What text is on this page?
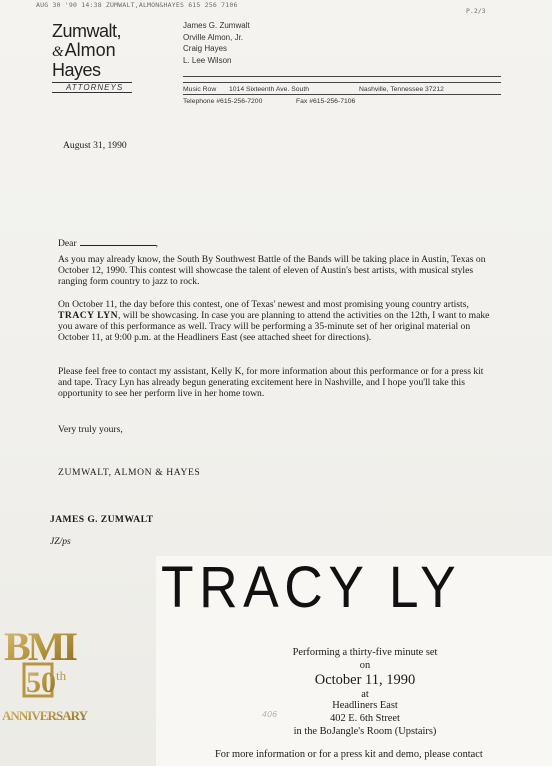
AUG 30 '90 14:38 ZUMWALT,ALMON&HAYES 615 256 7106
P.2/3
Zumwalt,
&Almon
Hayes
ATTORNEYS
James G. Zumwalt
Orville Almon, Jr.
Craig Hayes
L. Lee Wilson
Music Row 1014 Sixteenth Ave. South	Nashville, Tennessee 37212
Telephone #615-256-7200	Fax #615-256-7106
August 31, 1990
Dear	,
As you may already know, the South By Southwest Battle of the Bands will be taking place in Austin, Texas on October 12, 1990. This contest will showcase the talent of eleven of Austin's best artists, with musical styles ranging form country to jazz to rock.
On October 11, the day before this contest, one of Texas' newest and most promising young country artists, TRACY LYN, will be showcasing. In case you are planning to attend the activities on the 12th, I want to make you aware of this performance as well. Tracy will be performing a 35-minute set of her original material on October 11, at 9:00 p.m. at the Headliners East (see attached sheet for directions).
Please feel free to contact my assistant, Kelly K, for more information about this performance or for a press kit and tape. Tracy Lyn has already begun generating excitement here in Nashville, and I hope you'll take this opportunity to see her perform live in her home town.
Very truly yours,
ZUMWALT, ALMON & HAYES
JAMES G. ZUMWALT
JZ/ps
TRACY LY
Performing a thirty-five minute set
on
October 11, 1990
at
Headliners East
402 E. 6th Street
in the BoJangle's Room (Upstairs)
For more information or for a press kit and demo, please contact
406
BMI
50 th
ANNIVERSARY
